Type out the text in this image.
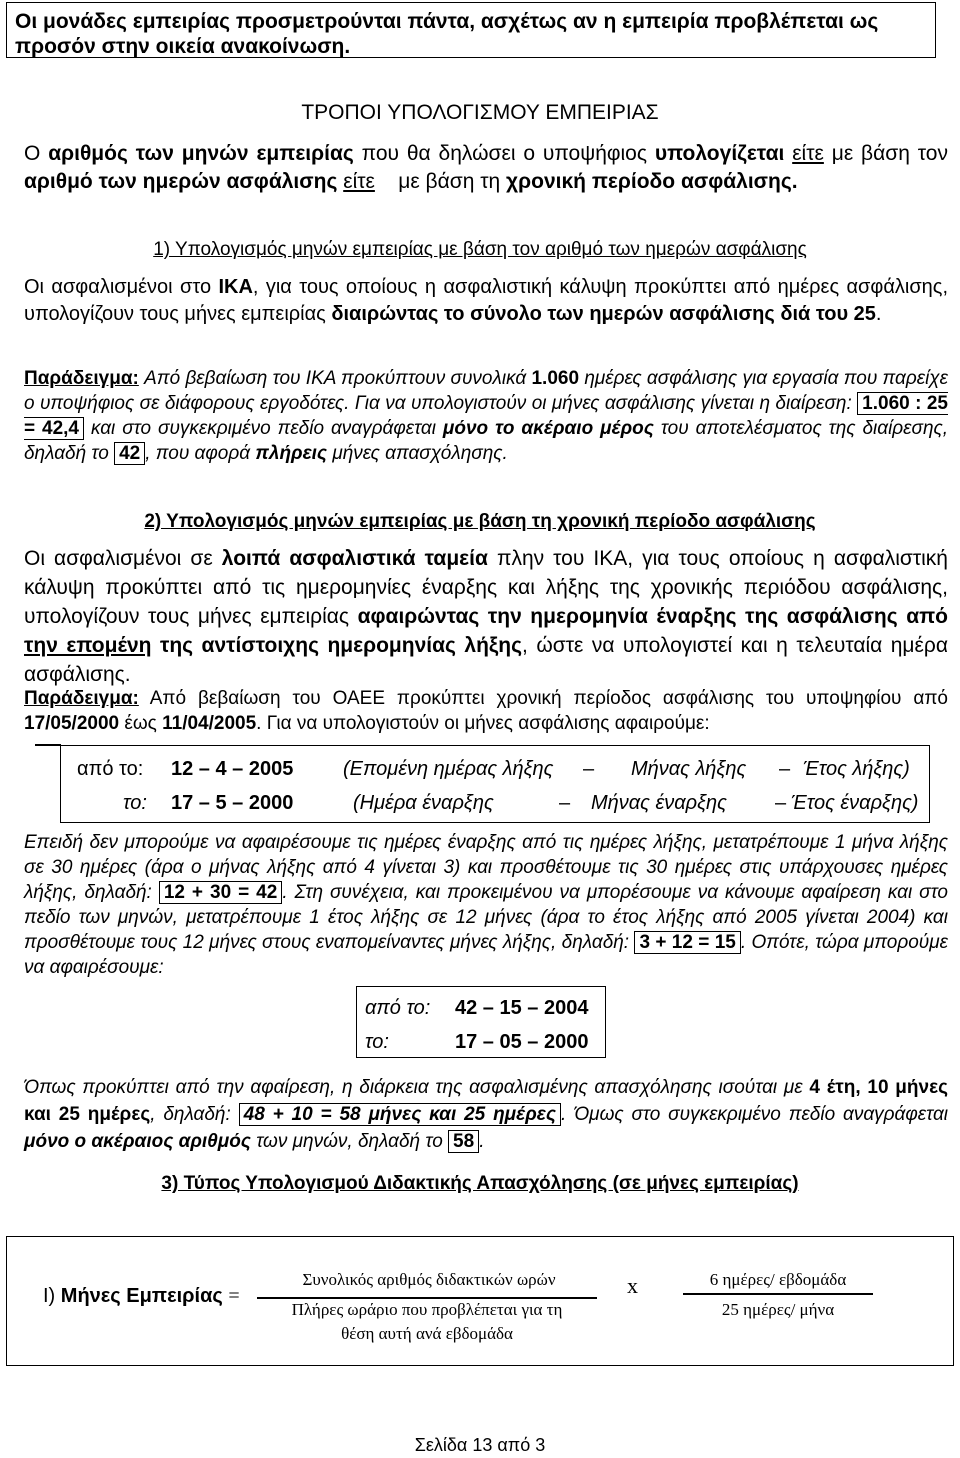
Οι μονάδες εμπειρίας προσμετρούνται πάντα, ασχέτως αν η εμπειρία προβλέπεται ως προσόν στην οικεία ανακοίνωση.
ΤΡΟΠΟΙ ΥΠΟΛΟΓΙΣΜΟΥ ΕΜΠΕΙΡΙΑΣ
Ο αριθμός των μηνών εμπειρίας που θα δηλώσει ο υποψήφιος υπολογίζεται είτε με βάση τον αριθμό των ημερών ασφάλισης είτε με βάση τη χρονική περίοδο ασφάλισης.
1) Υπολογισμός μηνών εμπειρίας με βάση τον αριθμό των ημερών ασφάλισης
Οι ασφαλισμένοι στο ΙΚΑ, για τους οποίους η ασφαλιστική κάλυψη προκύπτει από ημέρες ασφάλισης, υπολογίζουν τους μήνες εμπειρίας διαιρώντας το σύνολο των ημερών ασφάλισης διά του 25.
Παράδειγμα: Από βεβαίωση του ΙΚΑ προκύπτουν συνολικά 1.060 ημέρες ασφάλισης για εργασία που παρείχε ο υποψήφιος σε διάφορους εργοδότες. Για να υπολογιστούν οι μήνες ασφάλισης γίνεται η διαίρεση: 1.060 : 25 = 42,4 και στο συγκεκριμένο πεδίο αναγράφεται μόνο το ακέραιο μέρος του αποτελέσματος της διαίρεσης, δηλαδή το 42 , που αφορά πλήρεις μήνες απασχόλησης.
2) Υπολογισμός μηνών εμπειρίας με βάση τη χρονική περίοδο ασφάλισης
Οι ασφαλισμένοι σε λοιπά ασφαλιστικά ταμεία πλην του ΙΚΑ, για τους οποίους η ασφαλιστική κάλυψη προκύπτει από τις ημερομηνίες έναρξης και λήξης της χρονικής περιόδου ασφάλισης, υπολογίζουν τους μήνες εμπειρίας αφαιρώντας την ημερομηνία έναρξης της ασφάλισης από την επομένη της αντίστοιχης ημερομηνίας λήξης, ώστε να υπολογιστεί και η τελευταία ημέρα ασφάλισης.
Παράδειγμα: Από βεβαίωση του ΟΑΕΕ προκύπτει χρονική περίοδος ασφάλισης του υποψηφίου από 17/05/2000 έως 11/04/2005. Για να υπολογιστούν οι μήνες ασφάλισης αφαιρούμε:
από το: 12 – 4 – 2005 (Επομένη ημέρας λήξης – Μήνας λήξης – Έτος λήξης)
το: 17 – 5 – 2000	(Ημέρα έναρξης	– Μήνας έναρξης – Έτος έναρξης)
Επειδή δεν μπορούμε να αφαιρέσουμε τις ημέρες έναρξης από τις ημέρες λήξης, μετατρέπουμε 1 μήνα λήξης σε 30 ημέρες (άρα ο μήνας λήξης από 4 γίνεται 3) και προσθέτουμε τις 30 ημέρες στις υπάρχουσες ημέρες λήξης, δηλαδή: 12 + 30 = 42 . Στη συνέχεια, και προκειμένου να μπορέσουμε να κάνουμε αφαίρεση και στο πεδίο των μηνών, μετατρέπουμε 1 έτος λήξης σε 12 μήνες (άρα το έτος λήξης από 2005 γίνεται 2004) και προσθέτουμε τους 12 μήνες στους εναπομείναντες μήνες λήξης, δηλαδή: 3 + 12 = 15 . Οπότε, τώρα μπορούμε να αφαιρέσουμε:
από το: 42 – 15 – 2004
το:	17 – 05 – 2000
Όπως προκύπτει από την αφαίρεση, η διάρκεια της ασφαλισμένης απασχόλησης ισούται με 4 έτη, 10 μήνες και 25 ημέρες, δηλαδή: 48 + 10 = 58 μήνες και 25 ημέρες . Όμως στο συγκεκριμένο πεδίο αναγράφεται μόνο ο ακέραιος αριθμός των μηνών, δηλαδή το 58 .
3) Τύπος Υπολογισμού Διδακτικής Απασχόλησης (σε μήνες εμπειρίας)
Ι) Μήνες Εμπειρίας =
Συνολικός αριθμός διδακτικών ωρών
Πλήρες ωράριο που προβλέπεται για τη
θέση αυτή ανά εβδομάδα
x	6 ημέρες/ εβδομάδα
25 ημέρες/ μήνα
Σελίδα 13 από 3
